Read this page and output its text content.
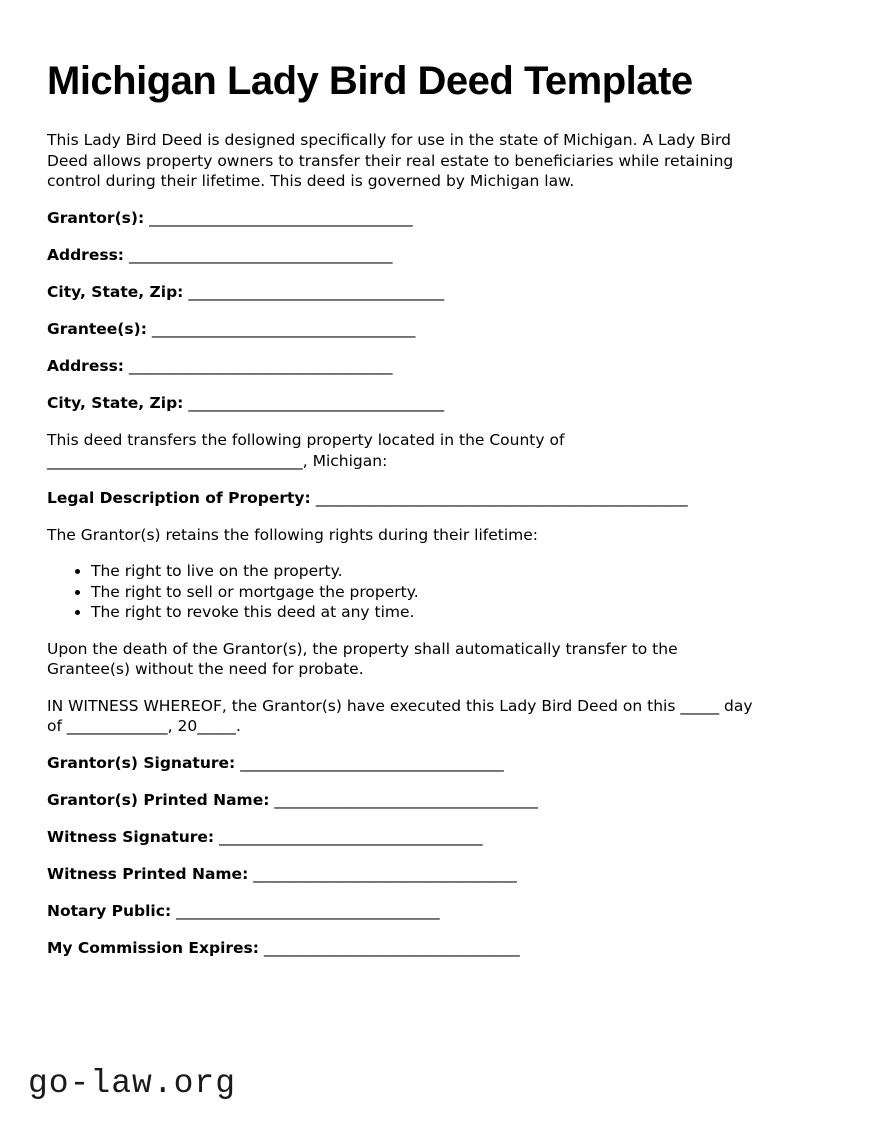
Michigan Lady Bird Deed Template

This Lady Bird Deed is designed specifically for use in the state of Michigan. A Lady Bird Deed allows property owners to transfer their real estate to beneficiaries while retaining control during their lifetime. This deed is governed by Michigan law.

Grantor(s): __________________________________
Address: __________________________________
City, State, Zip: _________________________________
Grantee(s): __________________________________
Address: __________________________________
City, State, Zip: _________________________________

This deed transfers the following property located in the County of _________________________________, Michigan:

Legal Description of Property: ________________________________________________

The Grantor(s) retains the following rights during their lifetime:

• The right to live on the property.
• The right to sell or mortgage the property.
• The right to revoke this deed at any time.

Upon the death of the Grantor(s), the property shall automatically transfer to the Grantee(s) without the need for probate.

IN WITNESS WHEREOF, the Grantor(s) have executed this Lady Bird Deed on this _____ day of _____________, 20_____.

Grantor(s) Signature: __________________________________
Grantor(s) Printed Name: __________________________________
Witness Signature: __________________________________
Witness Printed Name: __________________________________
Notary Public: __________________________________
My Commission Expires: _________________________________
go-law.org
